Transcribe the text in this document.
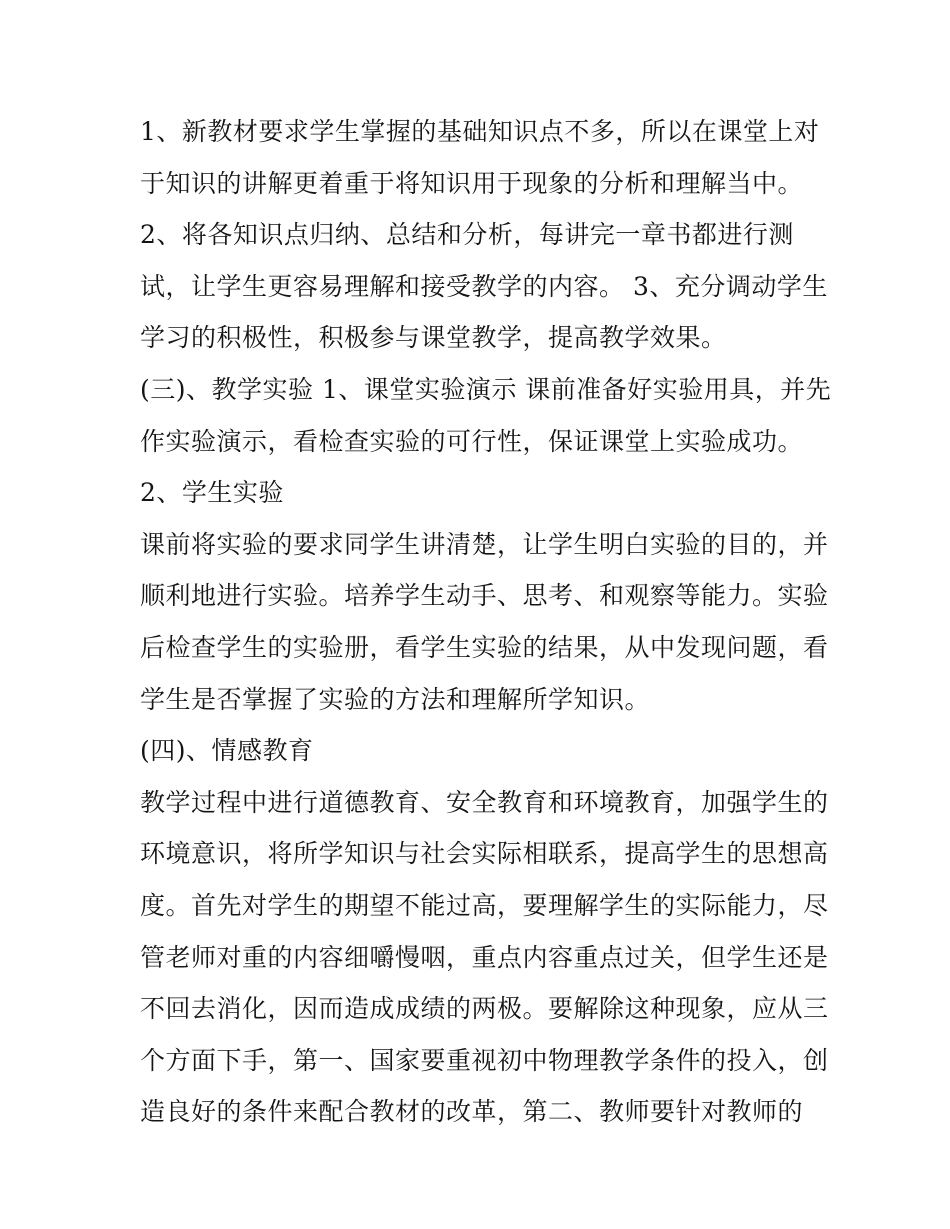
1、新教材要求学生掌握的基础知识点不多，所以在课堂上对
于知识的讲解更着重于将知识用于现象的分析和理解当中。
2、将各知识点归纳、总结和分析，每讲完一章书都进行测
试，让学生更容易理解和接受教学的内容。 3、充分调动学生
学习的积极性，积极参与课堂教学，提高教学效果。
(三)、教学实验 1、课堂实验演示 课前准备好实验用具，并先
作实验演示，看检查实验的可行性，保证课堂上实验成功。
2、学生实验
课前将实验的要求同学生讲清楚，让学生明白实验的目的，并
顺利地进行实验。培养学生动手、思考、和观察等能力。实验
后检查学生的实验册，看学生实验的结果，从中发现问题，看
学生是否掌握了实验的方法和理解所学知识。
(四)、情感教育
教学过程中进行道德教育、安全教育和环境教育，加强学生的
环境意识，将所学知识与社会实际相联系，提高学生的思想高
度。首先对学生的期望不能过高，要理解学生的实际能力，尽
管老师对重的内容细嚼慢咽，重点内容重点过关，但学生还是
不回去消化，因而造成成绩的两极。要解除这种现象，应从三
个方面下手，第一、国家要重视初中物理教学条件的投入，创
造良好的条件来配合教材的改革，第二、教师要针对教师的
